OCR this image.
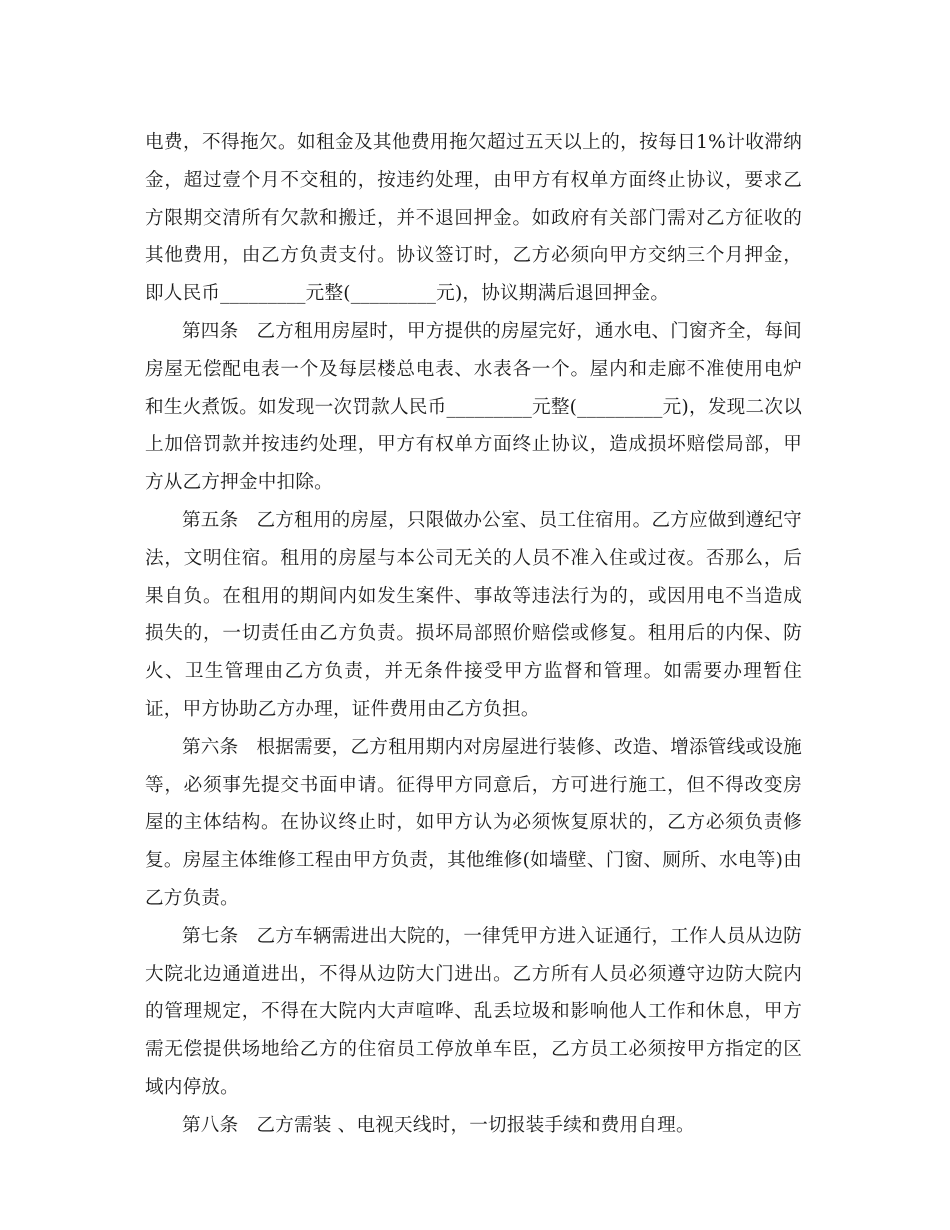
电费，不得拖欠。如租金及其他费用拖欠超过五天以上的，按每日1%计收滞纳金，超过壹个月不交租的，按违约处理，由甲方有权单方面终止协议，要求乙方限期交清所有欠款和搬迁，并不退回押金。如政府有关部门需对乙方征收的其他费用，由乙方负责支付。协议签订时，乙方必须向甲方交纳三个月押金，即人民币_________元整(_________元)，协议期满后退回押金。

第四条 乙方租用房屋时，甲方提供的房屋完好，通水电、门窗齐全，每间房屋无偿配电表一个及每层楼总电表、水表各一个。屋内和走廊不准使用电炉和生火煮饭。如发现一次罚款人民币_________元整(_________元)，发现二次以上加倍罚款并按违约处理，甲方有权单方面终止协议，造成损坏赔偿局部，甲方从乙方押金中扣除。

第五条 乙方租用的房屋，只限做办公室、员工住宿用。乙方应做到遵纪守法，文明住宿。租用的房屋与本公司无关的人员不准入住或过夜。否那么，后果自负。在租用的期间内如发生案件、事故等违法行为的，或因用电不当造成损失的，一切责任由乙方负责。损坏局部照价赔偿或修复。租用后的内保、防火、卫生管理由乙方负责，并无条件接受甲方监督和管理。如需要办理暂住证，甲方协助乙方办理，证件费用由乙方负担。

第六条 根据需要，乙方租用期内对房屋进行装修、改造、增添管线或设施等，必须事先提交书面申请。征得甲方同意后，方可进行施工，但不得改变房屋的主体结构。在协议终止时，如甲方认为必须恢复原状的，乙方必须负责修复。房屋主体维修工程由甲方负责，其他维修(如墙壁、门窗、厕所、水电等)由乙方负责。

第七条 乙方车辆需进出大院的，一律凭甲方进入证通行，工作人员从边防大院北边通道进出，不得从边防大门进出。乙方所有人员必须遵守边防大院内的管理规定，不得在大院内大声喧哗、乱丢垃圾和影响他人工作和休息，甲方需无偿提供场地给乙方的住宿员工停放单车臣，乙方员工必须按甲方指定的区域内停放。

第八条 乙方需装 、电视天线时，一切报装手续和费用自理。
